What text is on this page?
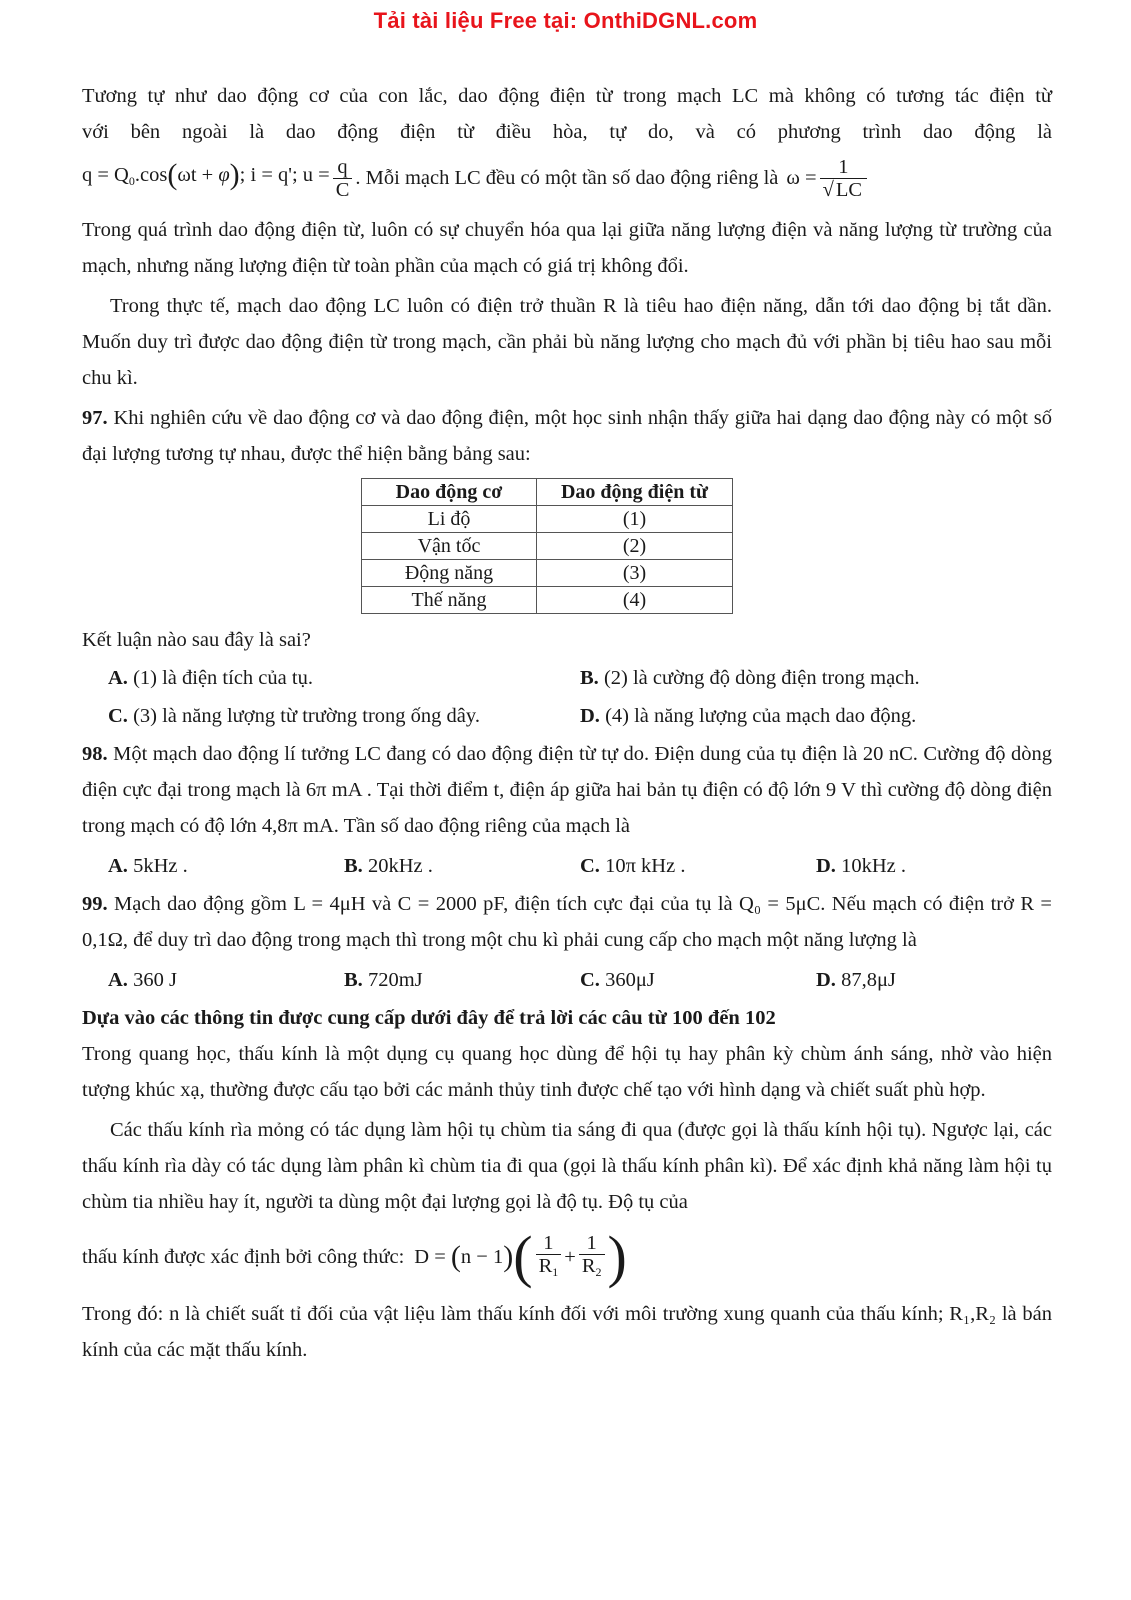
Tải tài liệu Free tại: OnthiDGNL.com

Tương tự như dao động cơ của con lắc, dao động điện từ trong mạch LC mà không có tương tác điện từ

với bên ngoài là dao động điện từ điều hòa, tự do, và có phương trình dao động là

$q = Q_0.\cos(\omega t + \varphi)$; i = q'; $u = \frac{q}{C}$ . Mỗi mạch LC đều có một tần số dao động riêng là $\omega = \frac{1}{√LC}$

Trong quá trình dao động điện từ, luôn có sự chuyển hóa qua lại giữa năng lượng điện và năng lượng từ trường của mạch, nhưng năng lượng điện từ toàn phần của mạch có giá trị không đổi.

Trong thực tế, mạch dao động LC luôn có điện trở thuần R là tiêu hao điện năng, dẫn tới dao động bị tắt dần. Muốn duy trì được dao động điện từ trong mạch, cần phải bù năng lượng cho mạch đủ với phần bị tiêu hao sau mỗi chu kì.

97. Khi nghiên cứu về dao động cơ và dao động điện, một học sinh nhận thấy giữa hai dạng dao động này có một số đại lượng tương tự nhau, được thể hiện bằng bảng sau:

Dao động cơ	Dao động điện từ
Li độ	(1)
Vận tốc	(2)
Động năng	(3)
Thế năng	(4)

Kết luận nào sau đây là sai?

A. (1) là điện tích của tụ.	B. (2) là cường độ dòng điện trong mạch.
C. (3) là năng lượng từ trường trong ống dây.	D. (4) là năng lượng của mạch dao động.

98. Một mạch dao động lí tưởng LC đang có dao động điện từ tự do. Điện dung của tụ điện là 20 nC. Cường độ dòng điện cực đại trong mạch là 6π mA . Tại thời điểm t, điện áp giữa hai bản tụ điện có độ lớn 9 V thì cường độ dòng điện trong mạch có độ lớn 4,8π mA. Tần số dao động riêng của mạch là

A. 5kHz .	B. 20kHz .	C. 10π kHz .	D. 10kHz .

99. Mạch dao động gồm L = 4μH và C = 2000 pF, điện tích cực đại của tụ là Q₀ = 5μC. Nếu mạch có điện trở R = 0,1Ω, để duy trì dao động trong mạch thì trong một chu kì phải cung cấp cho mạch một năng lượng là

A. 360 J	B. 720mJ	C. 360μJ	D. 87,8μJ

Dựa vào các thông tin được cung cấp dưới đây để trả lời các câu từ 100 đến 102

Trong quang học, thấu kính là một dụng cụ quang học dùng để hội tụ hay phân kỳ chùm ánh sáng, nhờ vào hiện tượng khúc xạ, thường được cấu tạo bởi các mảnh thủy tinh được chế tạo với hình dạng và chiết suất phù hợp.

Các thấu kính rìa mỏng có tác dụng làm hội tụ chùm tia sáng đi qua (được gọi là thấu kính hội tụ). Ngược lại, các thấu kính rìa dày có tác dụng làm phân kì chùm tia đi qua (gọi là thấu kính phân kì). Để xác định khả năng làm hội tụ chùm tia nhiều hay ít, người ta dùng một đại lượng gọi là độ tụ. Độ tụ của

thấu kính được xác định bởi công thức: D = (n − 1) ( $\frac{1}{R_1} + \frac{1}{R_2}$ )

Trong đó: n là chiết suất tỉ đối của vật liệu làm thấu kính đối với môi trường xung quanh của thấu kính; R₁,R₂ là bán kính của các mặt thấu kính.
